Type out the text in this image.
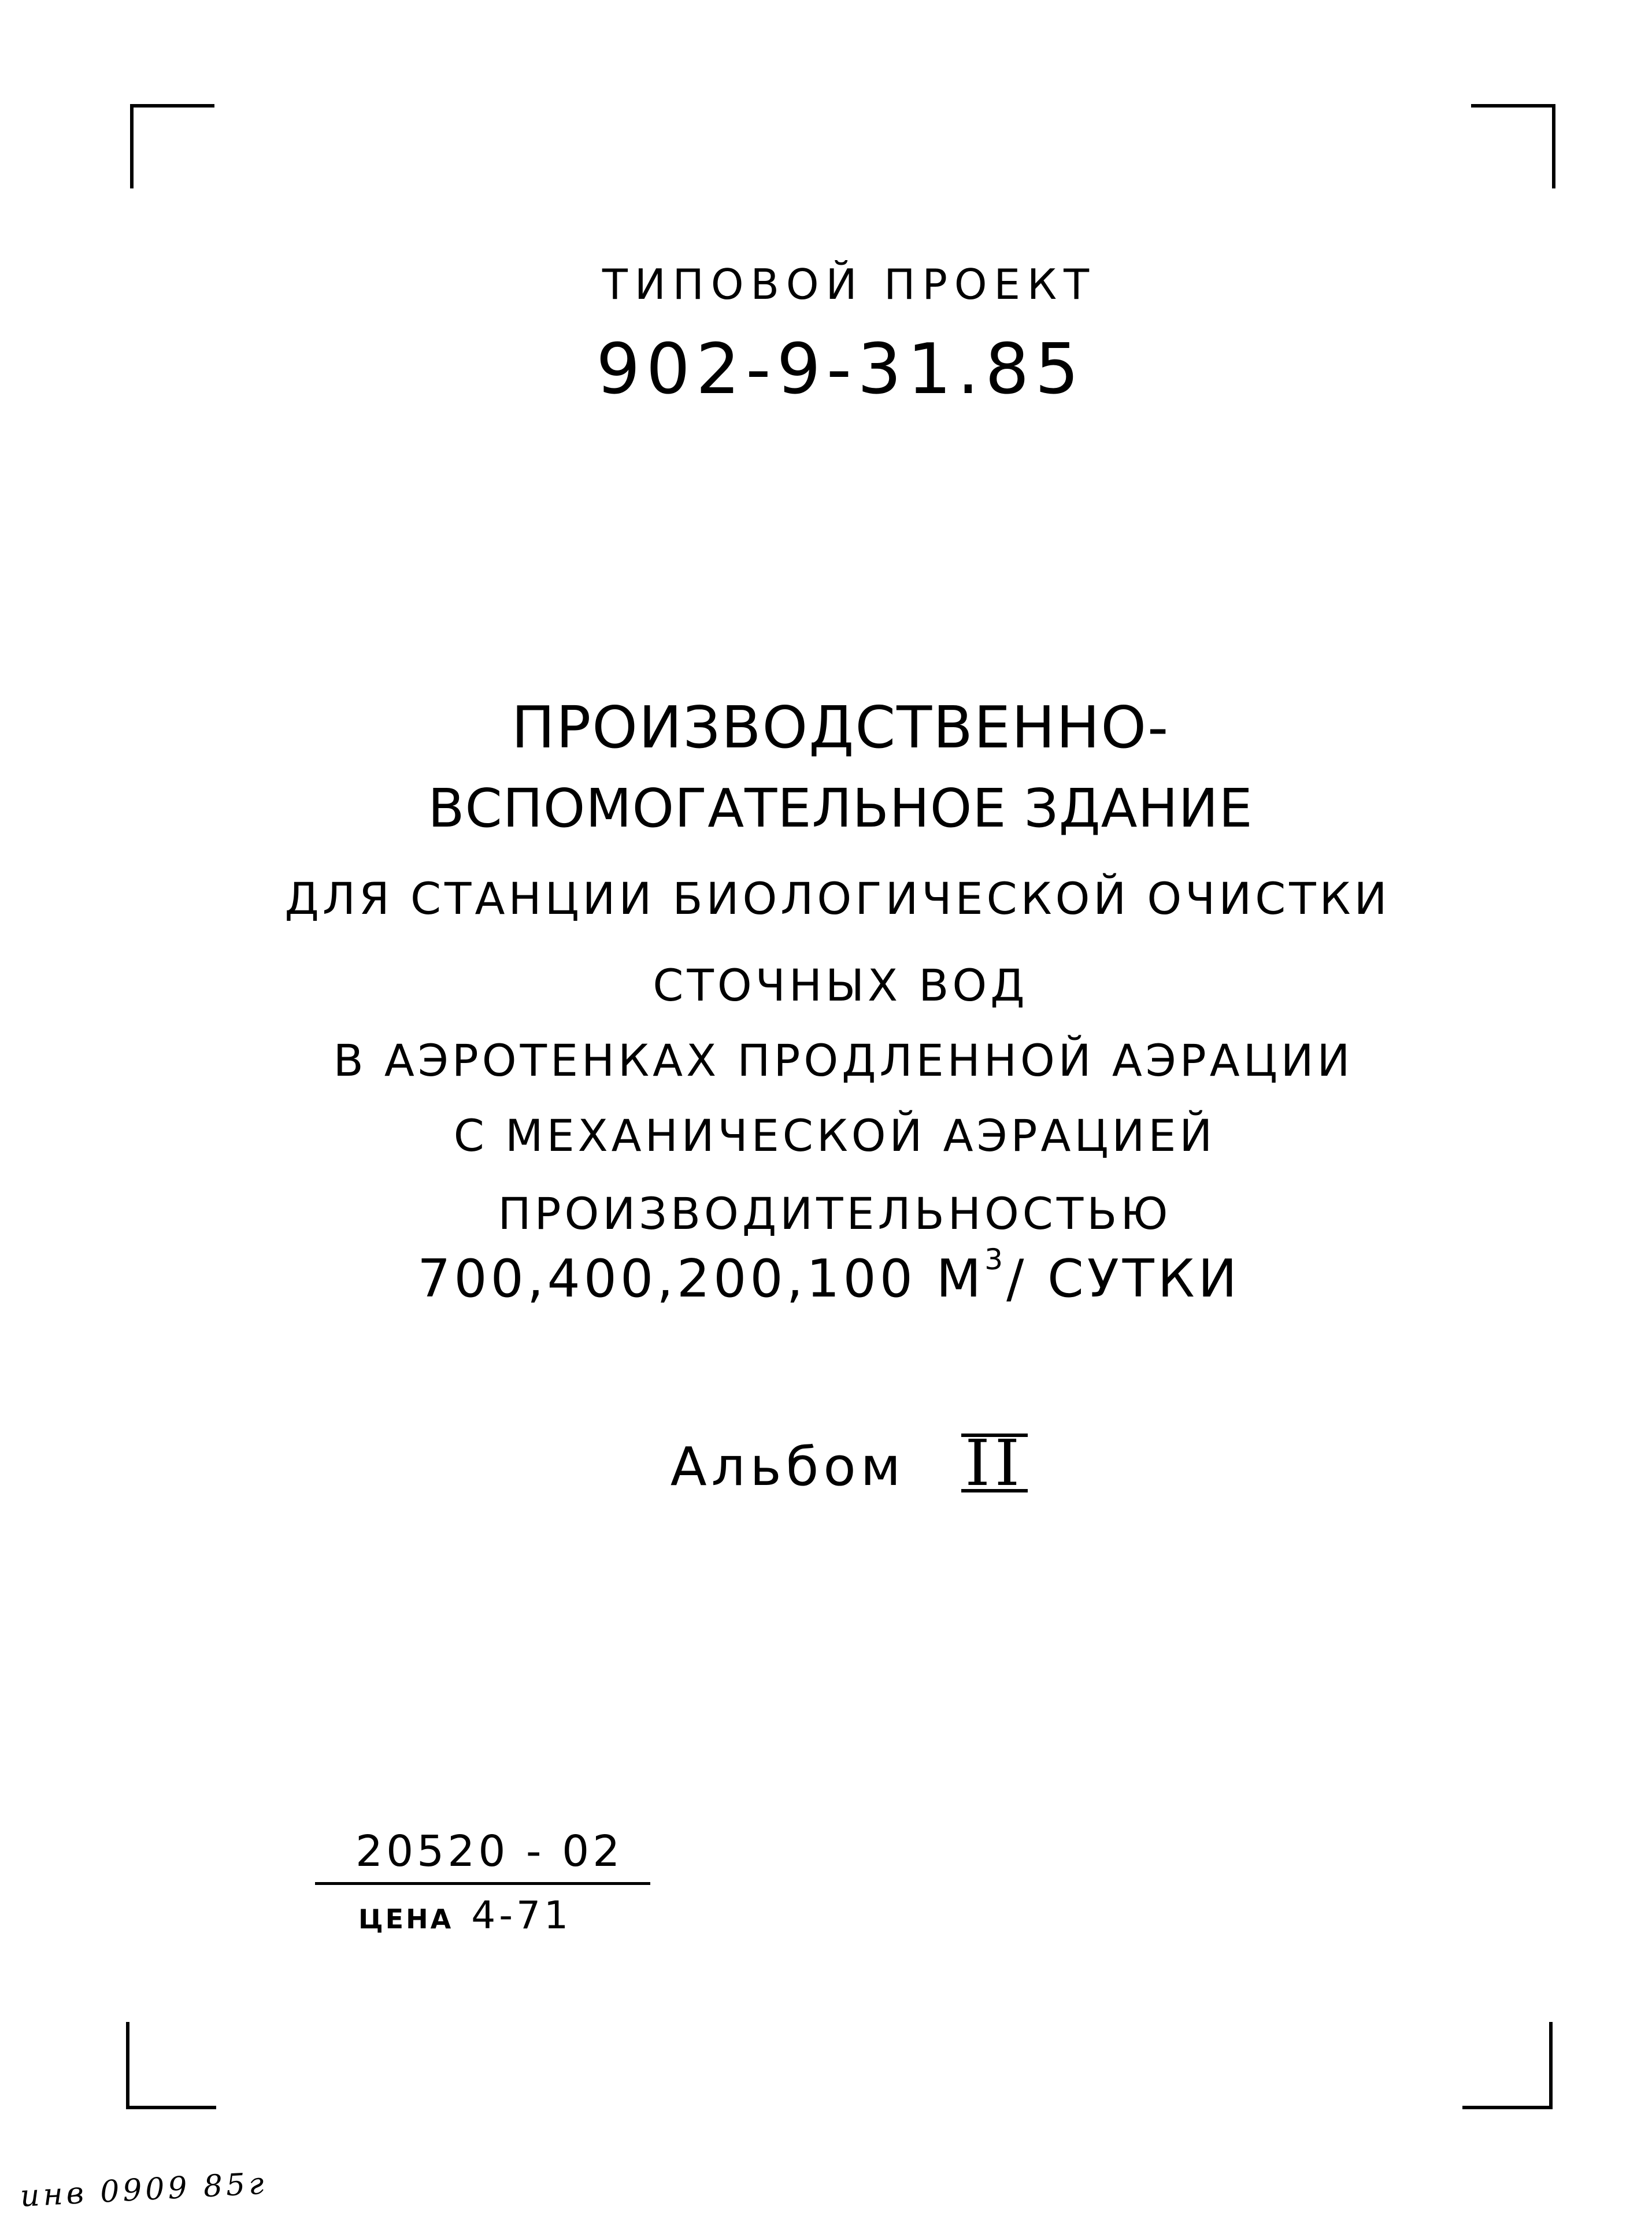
ТИПОВОЙ ПРОЕКТ
902-9-31.85
ПРОИЗВОДСТВЕННО-
ВСПОМОГАТЕЛЬНОЕ ЗДАНИЕ
ДЛЯ СТАНЦИИ БИОЛОГИЧЕСКОЙ ОЧИСТКИ
СТОЧНЫХ ВОД
В АЭРОТЕНКАХ ПРОДЛЕННОЙ АЭРАЦИИ
С МЕХАНИЧЕСКОЙ АЭРАЦИЕЙ
ПРОИЗВОДИТЕЛЬНОСТЬЮ
700,400,200,100 $М^3/$ СУТКИ
Альбом II
20520 - 02
ЦЕНА 4-71
инв 0909 85г
